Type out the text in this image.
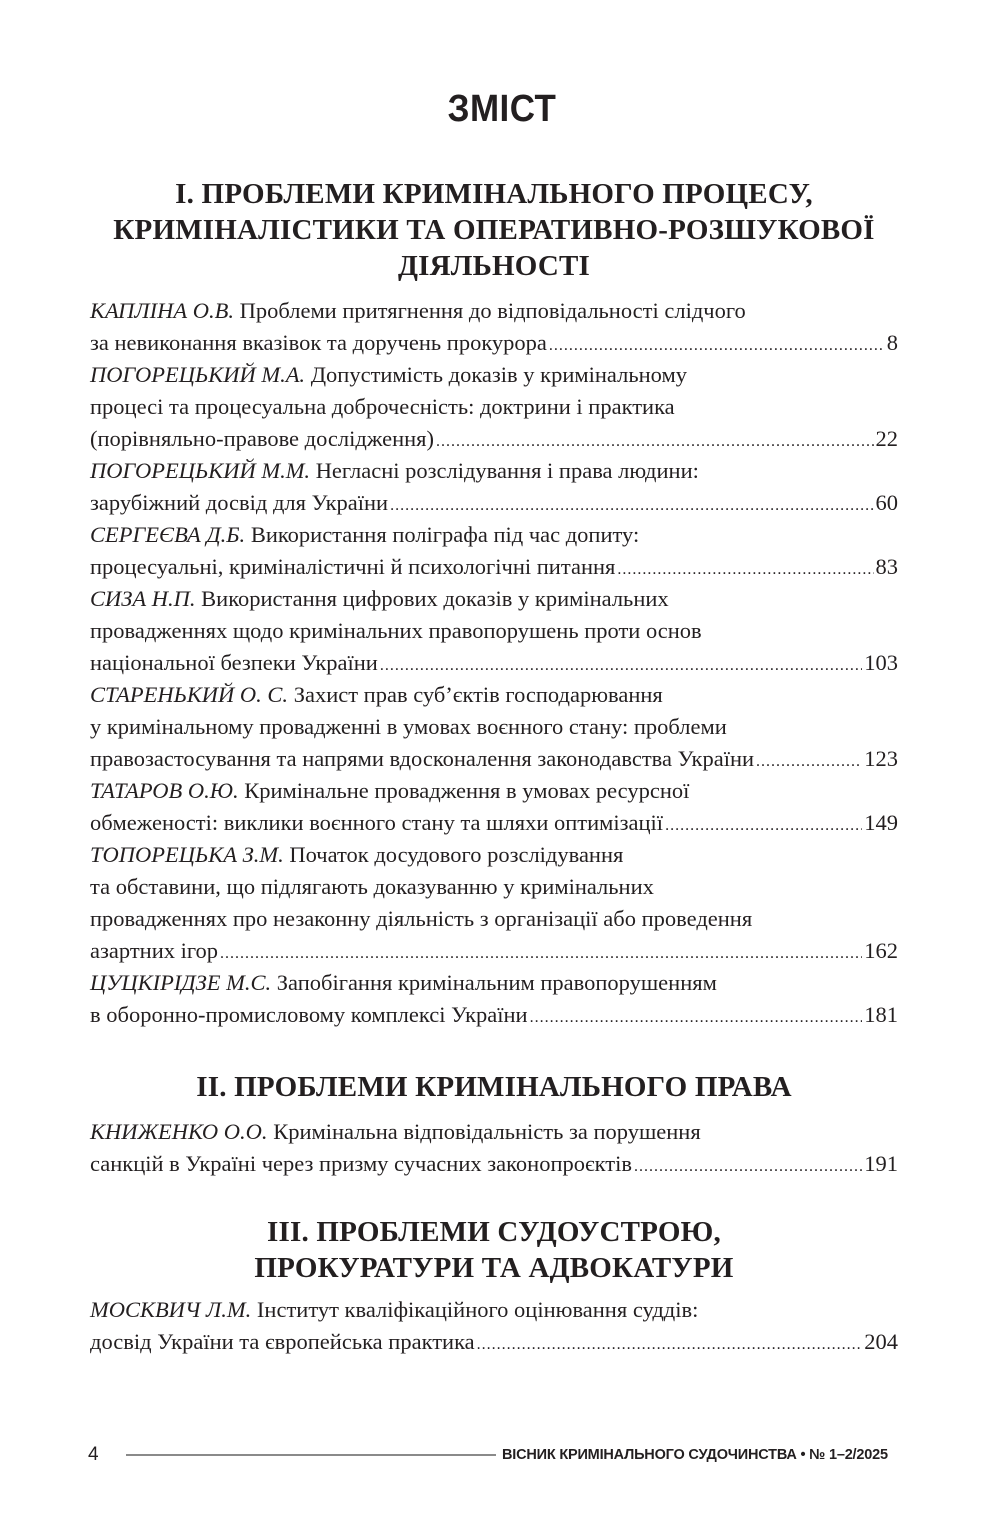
ЗМІСТ
І. ПРОБЛЕМИ КРИМІНАЛЬНОГО ПРОЦЕСУ,
КРИМІНАЛІСТИКИ ТА ОПЕРАТИВНО-РОЗШУКОВОЇ
ДІЯЛЬНОСТІ
КАПЛІНА О.В. Проблеми притягнення до відповідальності слідчого
за невиконання вказівок та доручень прокурора .....	8
ПОГОРЕЦЬКИЙ М.А. Допустимість доказів у кримінальному
процесі та процесуальна доброчесність: доктрини і практика
(порівняльно-правове дослідження) .....	22
ПОГОРЕЦЬКИЙ М.М. Негласні розслідування і права людини:
зарубіжний досвід для України .....	60
СЕРГЕЄВА Д.Б. Використання поліграфа під час допиту:
процесуальні, криміналістичні й психологічні питання .....	83
СИЗА Н.П. Використання цифрових доказів у кримінальних
провадженнях щодо кримінальних правопорушень проти основ
національної безпеки України .....	103
СТАРЕНЬКИЙ О. С. Захист прав суб’єктів господарювання
у кримінальному провадженні в умовах воєнного стану: проблеми
правозастосування та напрями вдосконалення законодавства України .....	123
ТАТАРОВ О.Ю. Кримінальне провадження в умовах ресурсної
обмеженості: виклики воєнного стану та шляхи оптимізації .....	149
ТОПОРЕЦЬКА З.М. Початок досудового розслідування
та обставини, що підлягають доказуванню у кримінальних
провадженнях про незаконну діяльність з організації або проведення
азартних ігор .....	162
ЦУЦКІРІДЗЕ М.С. Запобігання кримінальним правопорушенням
в оборонно-промисловому комплексі України .....	181
ІІ. ПРОБЛЕМИ КРИМІНАЛЬНОГО ПРАВА
КНИЖЕНКО О.О. Кримінальна відповідальність за порушення
санкцій в Україні через призму сучасних законопроєктів .....	191
ІІІ. ПРОБЛЕМИ СУДОУСТРОЮ,
ПРОКУРАТУРИ ТА АДВОКАТУРИ
МОСКВИЧ Л.М. Інститут кваліфікаційного оцінювання суддів:
досвід України та європейська практика .....	204
4	ВІСНИК КРИМІНАЛЬНОГО СУДОЧИНСТВА • № 1–2/2025
